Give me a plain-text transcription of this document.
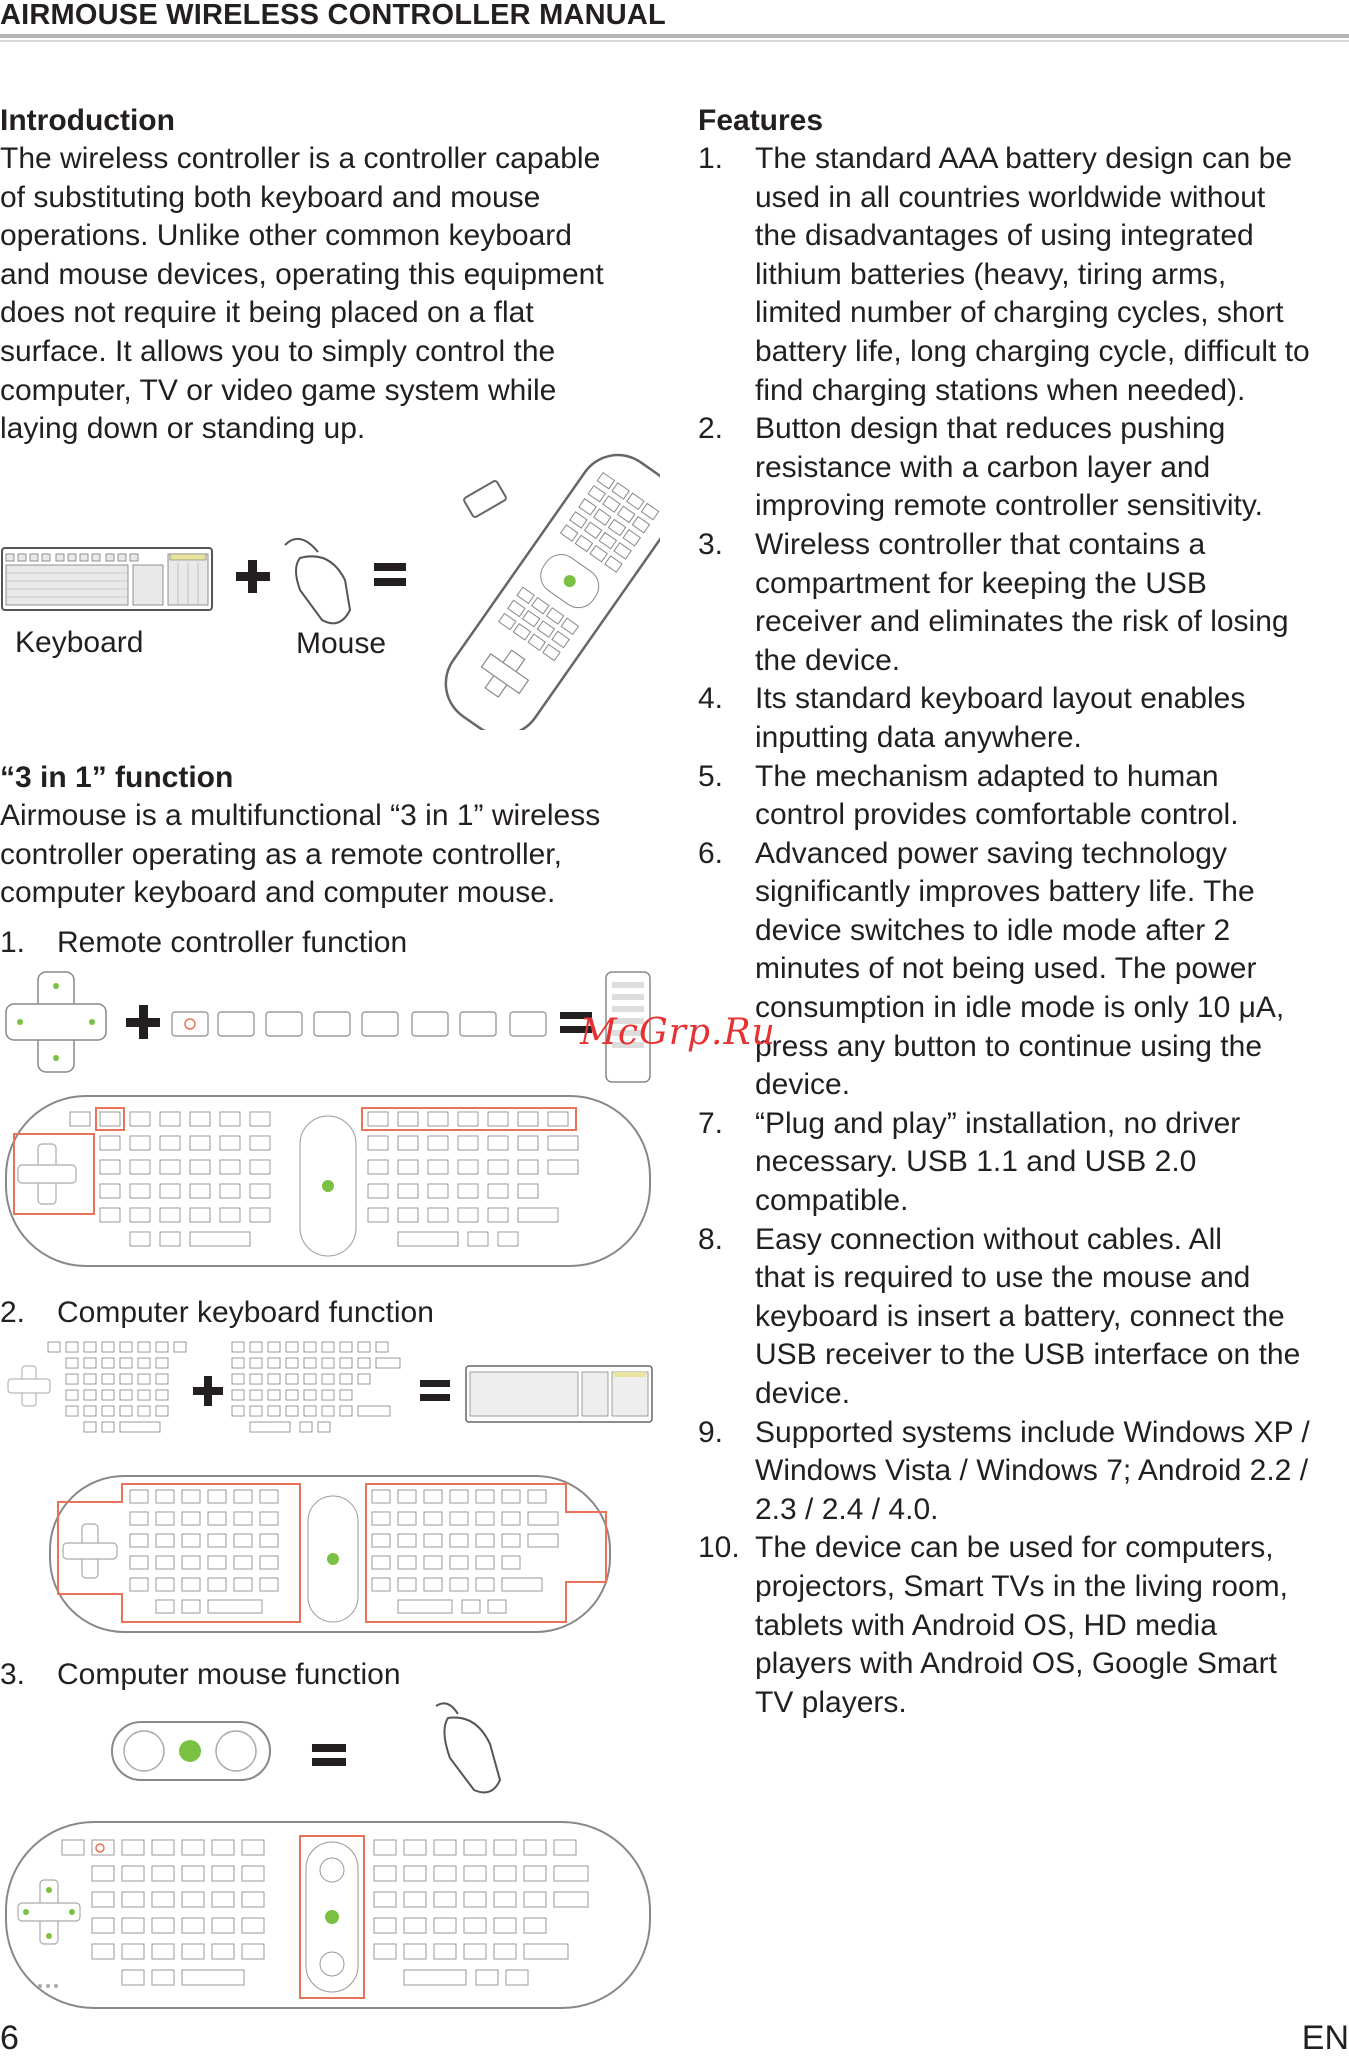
AIRMOUSE WIRELESS CONTROLLER MANUAL
Introduction
The wireless controller is a controller capable
of substituting both keyboard and mouse
operations. Unlike other common keyboard
and mouse devices, operating this equipment
does not require it being placed on a flat
surface. It allows you to simply control the
computer, TV or video game system while
laying down or standing up.
Keyboard	Mouse
“3 in 1” function
Airmouse is a multifunctional “3 in 1” wireless
controller operating as a remote controller,
computer keyboard and computer mouse.
1. Remote controller function
2. Computer keyboard function
3. Computer mouse function
Features
1. The standard AAA battery design can be
used in all countries worldwide without
the disadvantages of using integrated
lithium batteries (heavy, tiring arms,
limited number of charging cycles, short
battery life, long charging cycle, difficult to
find charging stations when needed).
2. Button design that reduces pushing
resistance with a carbon layer and
improving remote controller sensitivity.
3. Wireless controller that contains a
compartment for keeping the USB
receiver and eliminates the risk of losing
the device.
4. Its standard keyboard layout enables
inputting data anywhere.
5. The mechanism adapted to human
control provides comfortable control.
6. Advanced power saving technology
significantly improves battery life. The
device switches to idle mode after 2
minutes of not being used. The power
consumption in idle mode is only 10 μA,
press any button to continue using the
device.
7. “Plug and play” installation, no driver
necessary. USB 1.1 and USB 2.0
compatible.
8. Easy connection without cables. All
that is required to use the mouse and
keyboard is insert a battery, connect the
USB receiver to the USB interface on the
device.
9. Supported systems include Windows XP /
Windows Vista / Windows 7; Android 2.2 /
2.3 / 2.4 / 4.0.
10. The device can be used for computers,
projectors, Smart TVs in the living room,
tablets with Android OS, HD media
players with Android OS, Google Smart
TV players.
McGrp.Ru
6	EN
